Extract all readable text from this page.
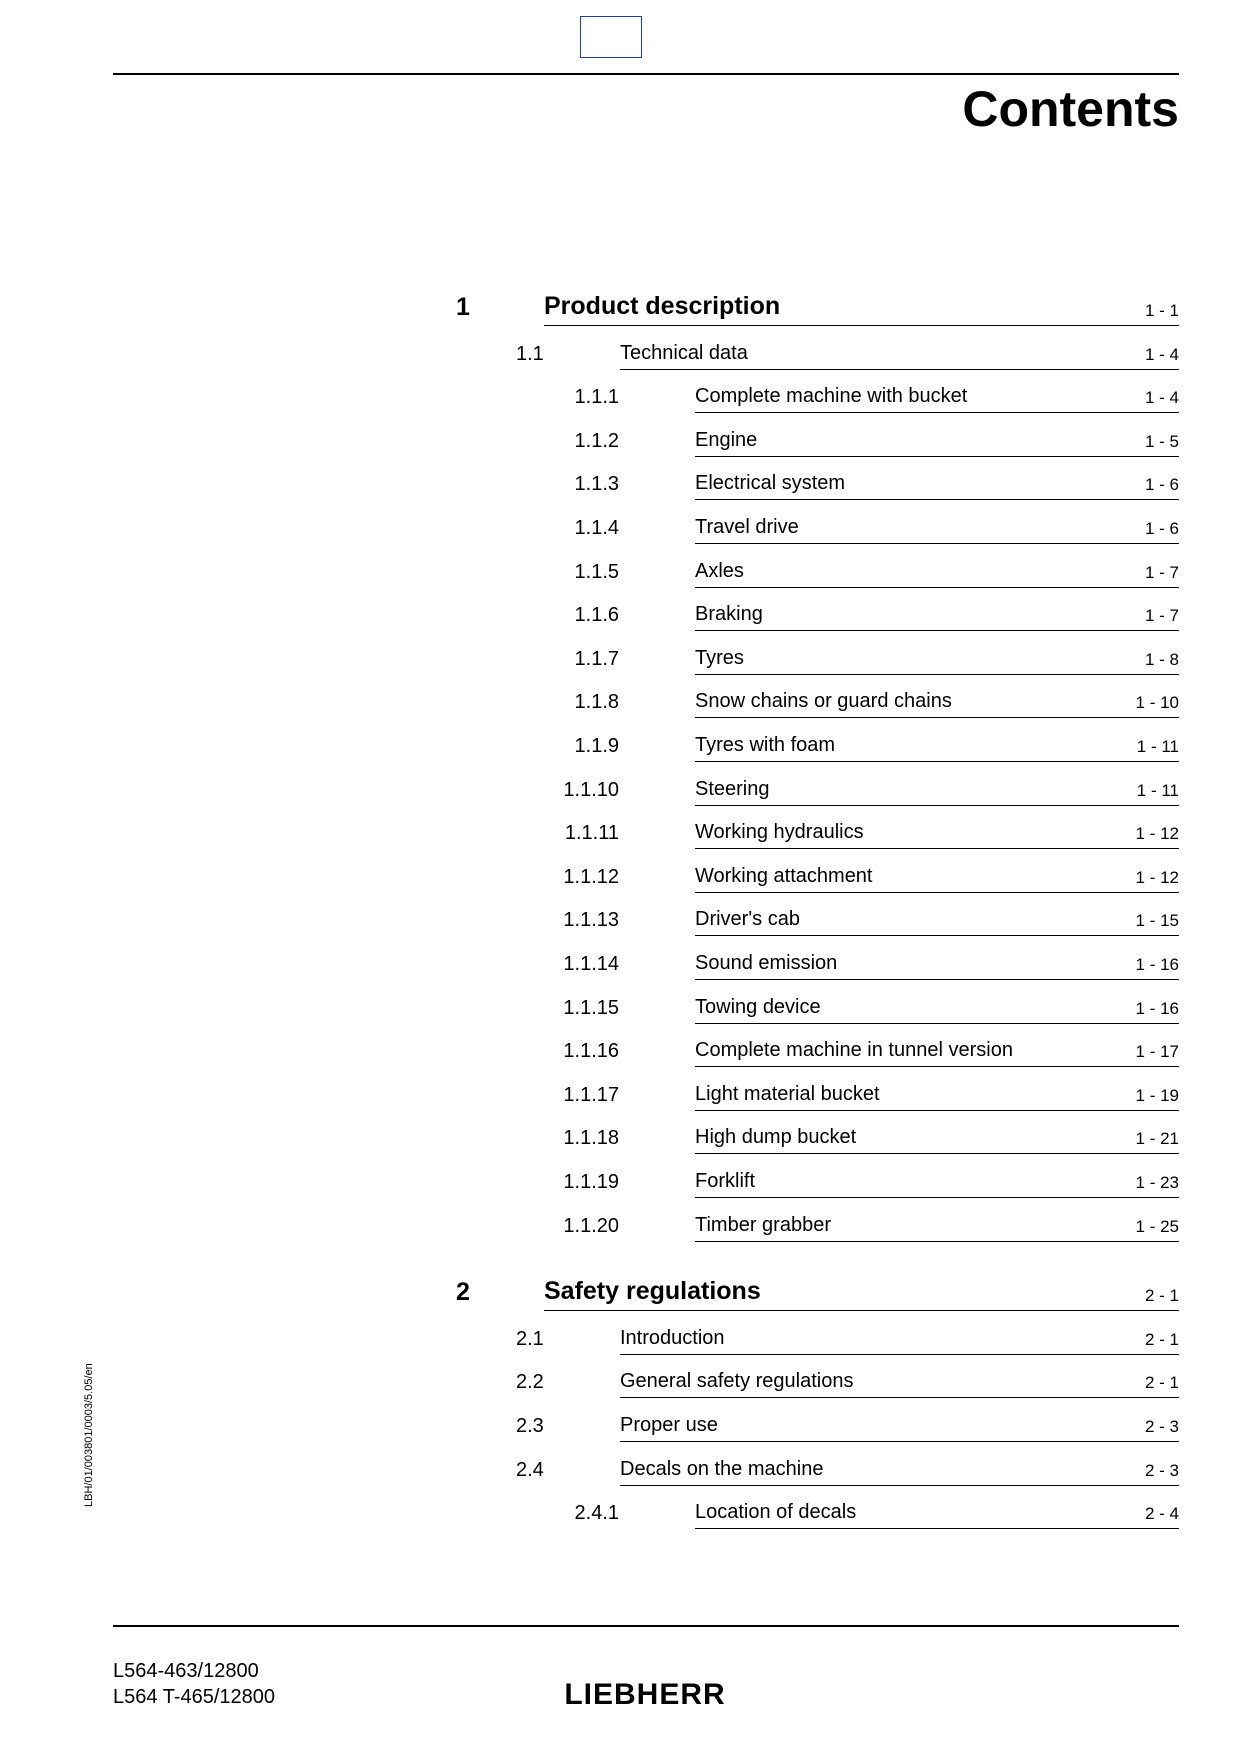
Contents
LBH/01/003801/0003/5.05/en
1	Product description	1 - 1
1.1	Technical data	1 - 4
1.1.1	Complete machine with bucket	1 - 4
1.1.2	Engine	1 - 5
1.1.3	Electrical system	1 - 6
1.1.4	Travel drive	1 - 6
1.1.5	Axles	1 - 7
1.1.6	Braking	1 - 7
1.1.7	Tyres	1 - 8
1.1.8	Snow chains or guard chains	1 - 10
1.1.9	Tyres with foam	1 - 11
1.1.10	Steering	1 - 11
1.1.11	Working hydraulics	1 - 12
1.1.12	Working attachment	1 - 12
1.1.13	Driver's cab	1 - 15
1.1.14	Sound emission	1 - 16
1.1.15	Towing device	1 - 16
1.1.16	Complete machine in tunnel version	1 - 17
1.1.17	Light material bucket	1 - 19
1.1.18	High dump bucket	1 - 21
1.1.19	Forklift	1 - 23
1.1.20	Timber grabber	1 - 25
2	Safety regulations	2 - 1
2.1	Introduction	2 - 1
2.2	General safety regulations	2 - 1
2.3	Proper use	2 - 3
2.4	Decals on the machine	2 - 3
2.4.1	Location of decals	2 - 4
L564-463/12800
L564 T-465/12800	LIEBHERR
